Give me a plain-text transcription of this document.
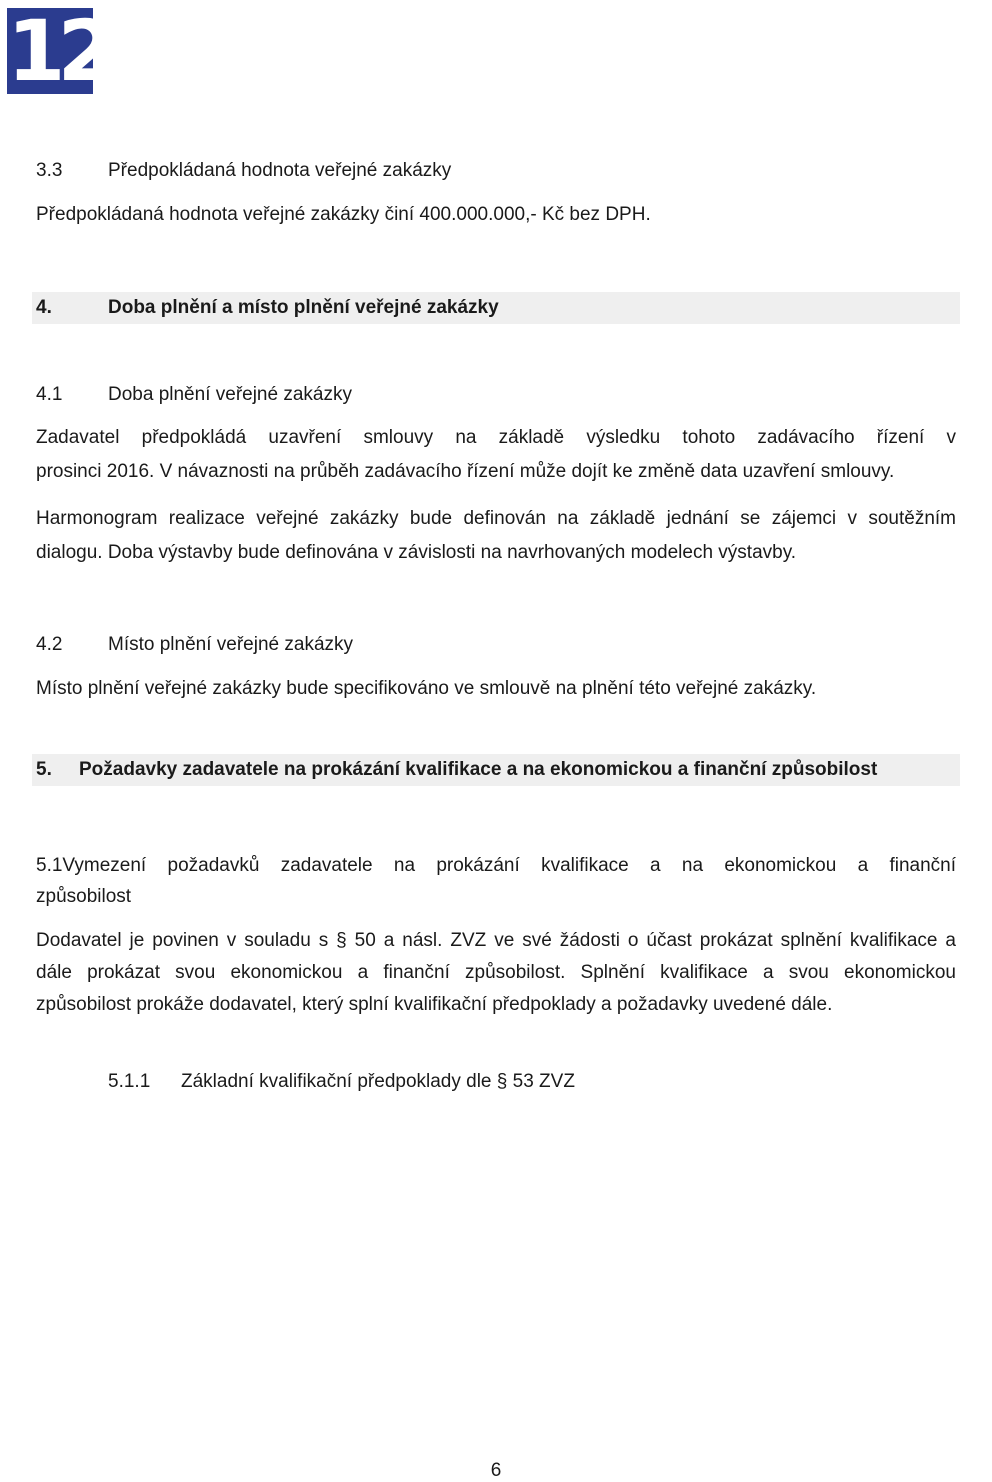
12
3.3 Předpokládaná hodnota veřejné zakázky
Předpokládaná hodnota veřejné zakázky činí 400.000.000,- Kč bez DPH.
4.	Doba plnění a místo plnění veřejné zakázky
4.1 Doba plnění veřejné zakázky
Zadavatel předpokládá uzavření smlouvy na základě výsledku tohoto zadávacího řízení v
prosinci 2016. V návaznosti na průběh zadávacího řízení může dojít ke změně data uzavření smlouvy.
Harmonogram realizace veřejné zakázky bude definován na základě jednání se zájemci v soutěžním
dialogu. Doba výstavby bude definována v závislosti na navrhovaných modelech výstavby.
4.2 Místo plnění veřejné zakázky
Místo plnění veřejné zakázky bude specifikováno ve smlouvě na plnění této veřejné zakázky.
5. Požadavky zadavatele na prokázání kvalifikace a na ekonomickou a finanční způsobilost
5.1Vymezení požadavků zadavatele na prokázání kvalifikace a na ekonomickou a finanční
způsobilost
Dodavatel je povinen v souladu s § 50 a násl. ZVZ ve své žádosti o účast prokázat splnění kvalifikace a
dále prokázat svou ekonomickou a finanční způsobilost. Splnění kvalifikace a svou ekonomickou
způsobilost prokáže dodavatel, který splní kvalifikační předpoklady a požadavky uvedené dále.
5.1.1 Základní kvalifikační předpoklady dle § 53 ZVZ
6
